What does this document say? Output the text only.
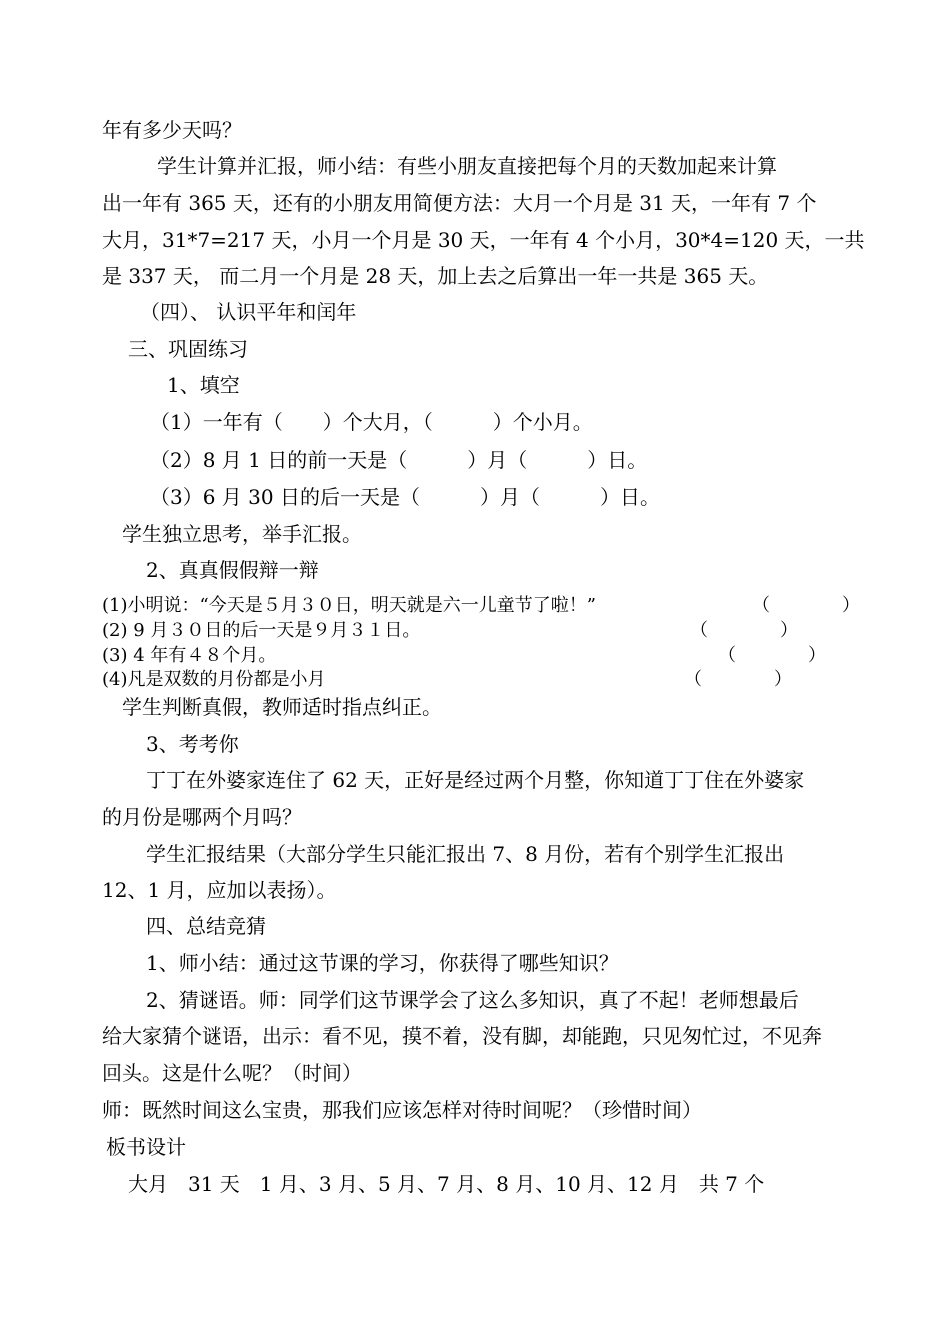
年有多少天吗？
学生计算并汇报，师小结：有些小朋友直接把每个月的天数加起来计算
出一年有 365 天，还有的小朋友用简便方法：大月一个月是 31 天，一年有 7 个
大月，31*7=217 天，小月一个月是 30 天，一年有 4 个小月，30*4=120 天，一共
是 337 天， 而二月一个月是 28 天，加上去之后算出一年一共是 365 天。
（四）、 认识平年和闰年
三、巩固练习
1、填空
（1）一年有（　　）个大月，（　　　）个小月。
（2）8 月 1 日的前一天是（　　　）月（　　　）日。
（3）6 月 30 日的后一天是（　　　）月（　　　）日。
学生独立思考，举手汇报。
2、真真假假辩一辩
(1)小明说：“今天是５月３０日，明天就是六一儿童节了啦！”	（　　　　）
(2) 9 月３０日的后一天是９月３１日。	（　　　　）
(3) 4 年有４８个月。	（　　　　）
(4)凡是双数的月份都是小月	（　　　　）
学生判断真假，教师适时指点纠正。
3、考考你
丁丁在外婆家连住了 62 天，正好是经过两个月整，你知道丁丁住在外婆家
的月份是哪两个月吗？
学生汇报结果（大部分学生只能汇报出 7、8 月份，若有个别学生汇报出
12、1 月，应加以表扬）。
四、总结竞猜
1、师小结：通过这节课的学习，你获得了哪些知识？
2、猜谜语。师：同学们这节课学会了这么多知识，真了不起！老师想最后
给大家猜个谜语，出示：看不见，摸不着，没有脚，却能跑，只见匆忙过，不见奔
回头。这是什么呢？（时间）
师：既然时间这么宝贵，那我们应该怎样对待时间呢？（珍惜时间）
板书设计
大月　31 天　1 月、3 月、5 月、7 月、8 月、10 月、12 月　共 7 个
